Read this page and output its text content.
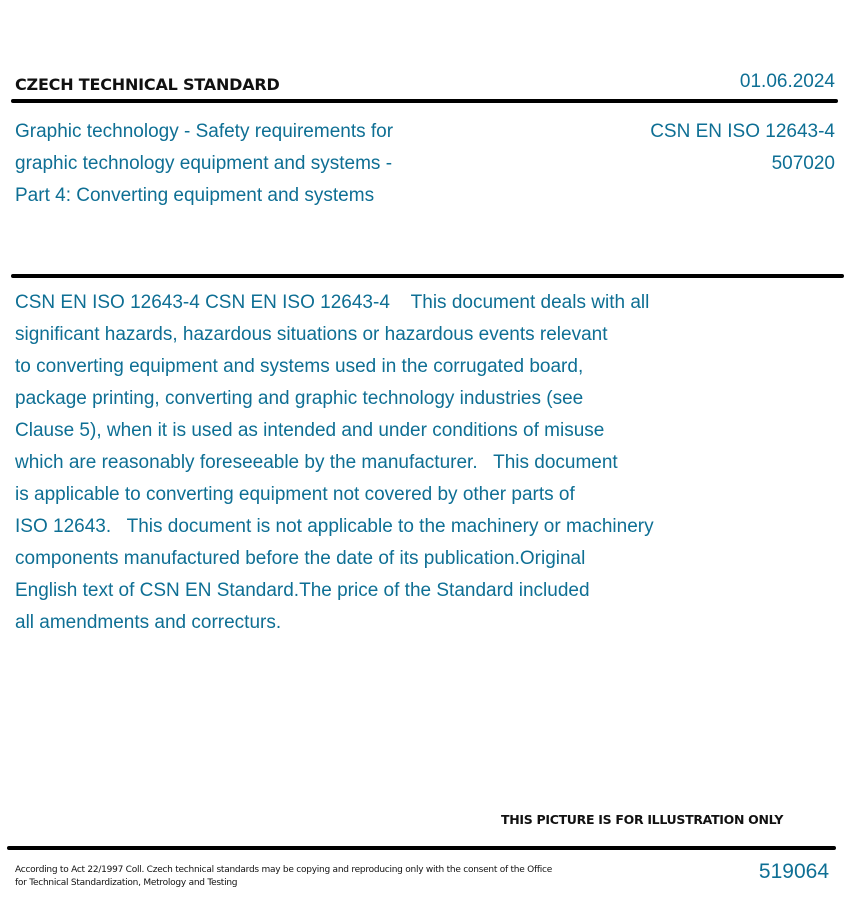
CZECH TECHNICAL STANDARD	01.06.2024
Graphic technology - Safety requirements for
graphic technology equipment and systems -
Part 4: Converting equipment and systems
CSN EN ISO 12643-4
507020
CSN EN ISO 12643-4 CSN EN ISO 12643-4    This document deals with all
significant hazards, hazardous situations or hazardous events relevant
to converting equipment and systems used in the corrugated board,
package printing, converting and graphic technology industries (see
Clause 5), when it is used as intended and under conditions of misuse
which are reasonably foreseeable by the manufacturer.   This document
is applicable to converting equipment not covered by other parts of
ISO 12643.   This document is not applicable to the machinery or machinery
components manufactured before the date of its publication.Original
English text of CSN EN Standard.The price of the Standard included
all amendments and correcturs.
THIS PICTURE IS FOR ILLUSTRATION ONLY
According to Act 22/1997 Coll. Czech technical standards may be copying and reproducing only with the consent of the Office
for Technical Standardization, Metrology and Testing	519064
